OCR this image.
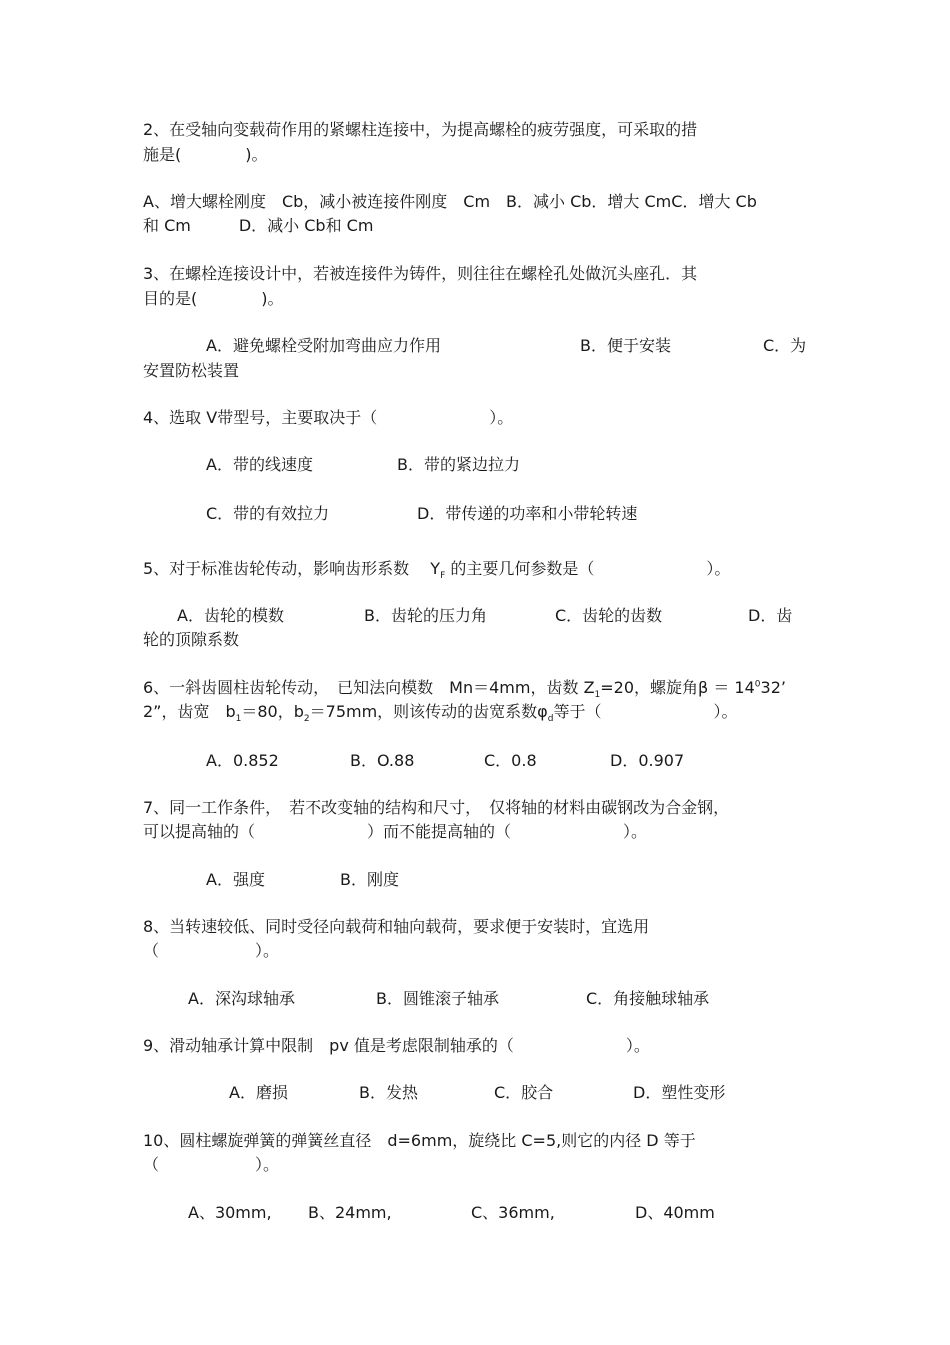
2、在受轴向变载荷作用的紧螺柱连接中，为提高螺栓的疲劳强度，可采取的措
施是(　　　　)。
A、增大螺栓刚度　Cb，减小被连接件刚度　Cm　B．减小 Cb．增大 CmC．增大 Cb
和 Cm　　　D．减小 Cb和 Cm
3、在螺栓连接设计中，若被连接件为铸件，则往往在螺栓孔处做沉头座孔．其
目的是(　　　　)。
A．避免螺栓受附加弯曲应力作用	B．便于安装	C．为
安置防松装置
4、选取 V带型号，主要取决于（　　　　　　　）。
A．带的线速度	B．带的紧边拉力
C．带的有效拉力	D．带传递的功率和小带轮转速
5、对于标准齿轮传动，影响齿形系数　 $Y_F$ 的主要几何参数是（　　　　　　　）。
A．齿轮的模数	B．齿轮的压力角	C．齿轮的齿数	D．齿
轮的顶隙系数
6、一斜齿圆柱齿轮传动，　已知法向模数　Mn＝4mm，齿数 $Z_1=20$，螺旋角$\beta = 14^032$’
2”，齿宽　$b_1=80$，$b_2=75mm$，则该传动的齿宽系数$\varphi_d$等于（　　　　　　　）。
A．0.852	B．O.88	C．0.8	D．0.907
7、同一工作条件，　若不改变轴的结构和尺寸，　仅将轴的材料由碳钢改为合金钢，
可以提高轴的（　　　　　　　）而不能提高轴的（　　　　　　　）。
A．强度	B．刚度
8、当转速较低、同时受径向载荷和轴向载荷，要求便于安装时，宜选用
（　　　　　　）。
A．深沟球轴承	B．圆锥滚子轴承	C．角接触球轴承
9、滑动轴承计算中限制　pv 值是考虑限制轴承的（　　　　　　　）。
A．磨损	B．发热	C．胶合	D．塑性变形
10、圆柱螺旋弹簧的弹簧丝直径　d=6mm，旋绕比 C=5,则它的内径 D 等于
（　　　　　　）。
A、30mm, B、24mm,	C、36mm,	D、40mm
